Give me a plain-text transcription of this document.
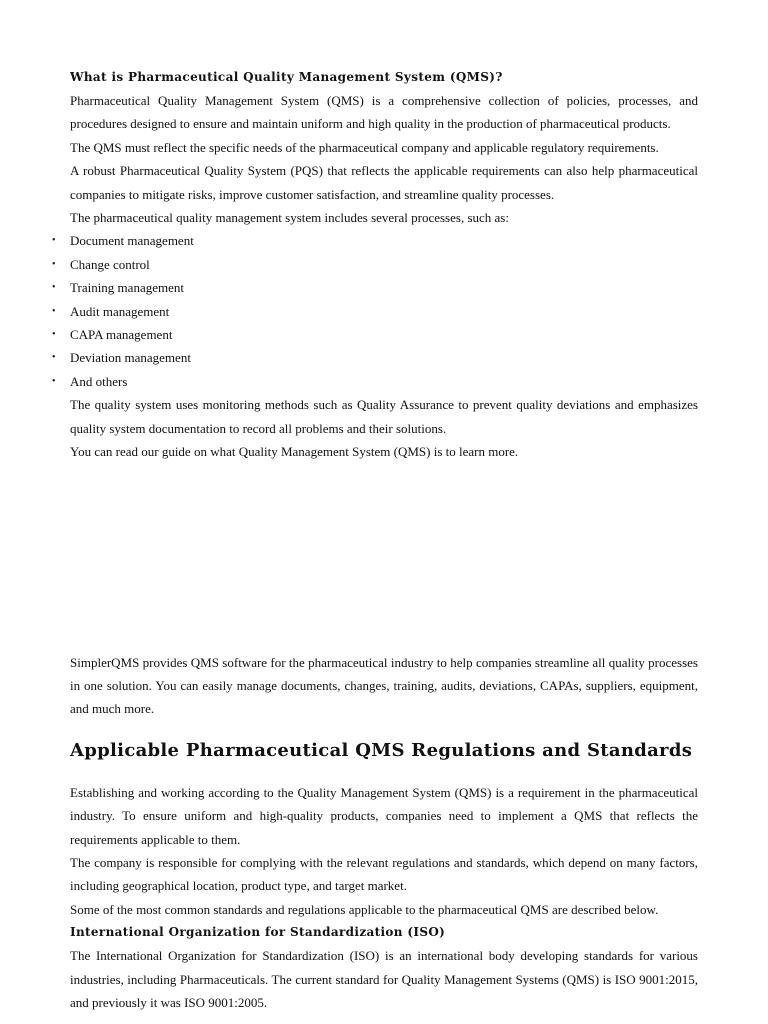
What is Pharmaceutical Quality Management System (QMS)?

Pharmaceutical Quality Management System (QMS) is a comprehensive collection of policies, processes, and procedures designed to ensure and maintain uniform and high quality in the production of pharmaceutical products.

The QMS must reflect the specific needs of the pharmaceutical company and applicable regulatory requirements.

A robust Pharmaceutical Quality System (PQS) that reflects the applicable requirements can also help pharmaceutical companies to mitigate risks, improve customer satisfaction, and streamline quality processes.

The pharmaceutical quality management system includes several processes, such as:

• Document management
• Change control
• Training management
• Audit management
• CAPA management
• Deviation management
• And others

The quality system uses monitoring methods such as Quality Assurance to prevent quality deviations and emphasizes quality system documentation to record all problems and their solutions.

You can read our guide on what Quality Management System (QMS) is to learn more.

SimplerQMS provides QMS software for the pharmaceutical industry to help companies streamline all quality processes in one solution. You can easily manage documents, changes, training, audits, deviations, CAPAs, suppliers, equipment, and much more.

Applicable Pharmaceutical QMS Regulations and Standards

Establishing and working according to the Quality Management System (QMS) is a requirement in the pharmaceutical industry. To ensure uniform and high-quality products, companies need to implement a QMS that reflects the requirements applicable to them.

The company is responsible for complying with the relevant regulations and standards, which depend on many factors, including geographical location, product type, and target market.

Some of the most common standards and regulations applicable to the pharmaceutical QMS are described below.

International Organization for Standardization (ISO)

The International Organization for Standardization (ISO) is an international body developing standards for various industries, including Pharmaceuticals. The current standard for Quality Management Systems (QMS) is ISO 9001:2015, and previously it was ISO 9001:2005.
